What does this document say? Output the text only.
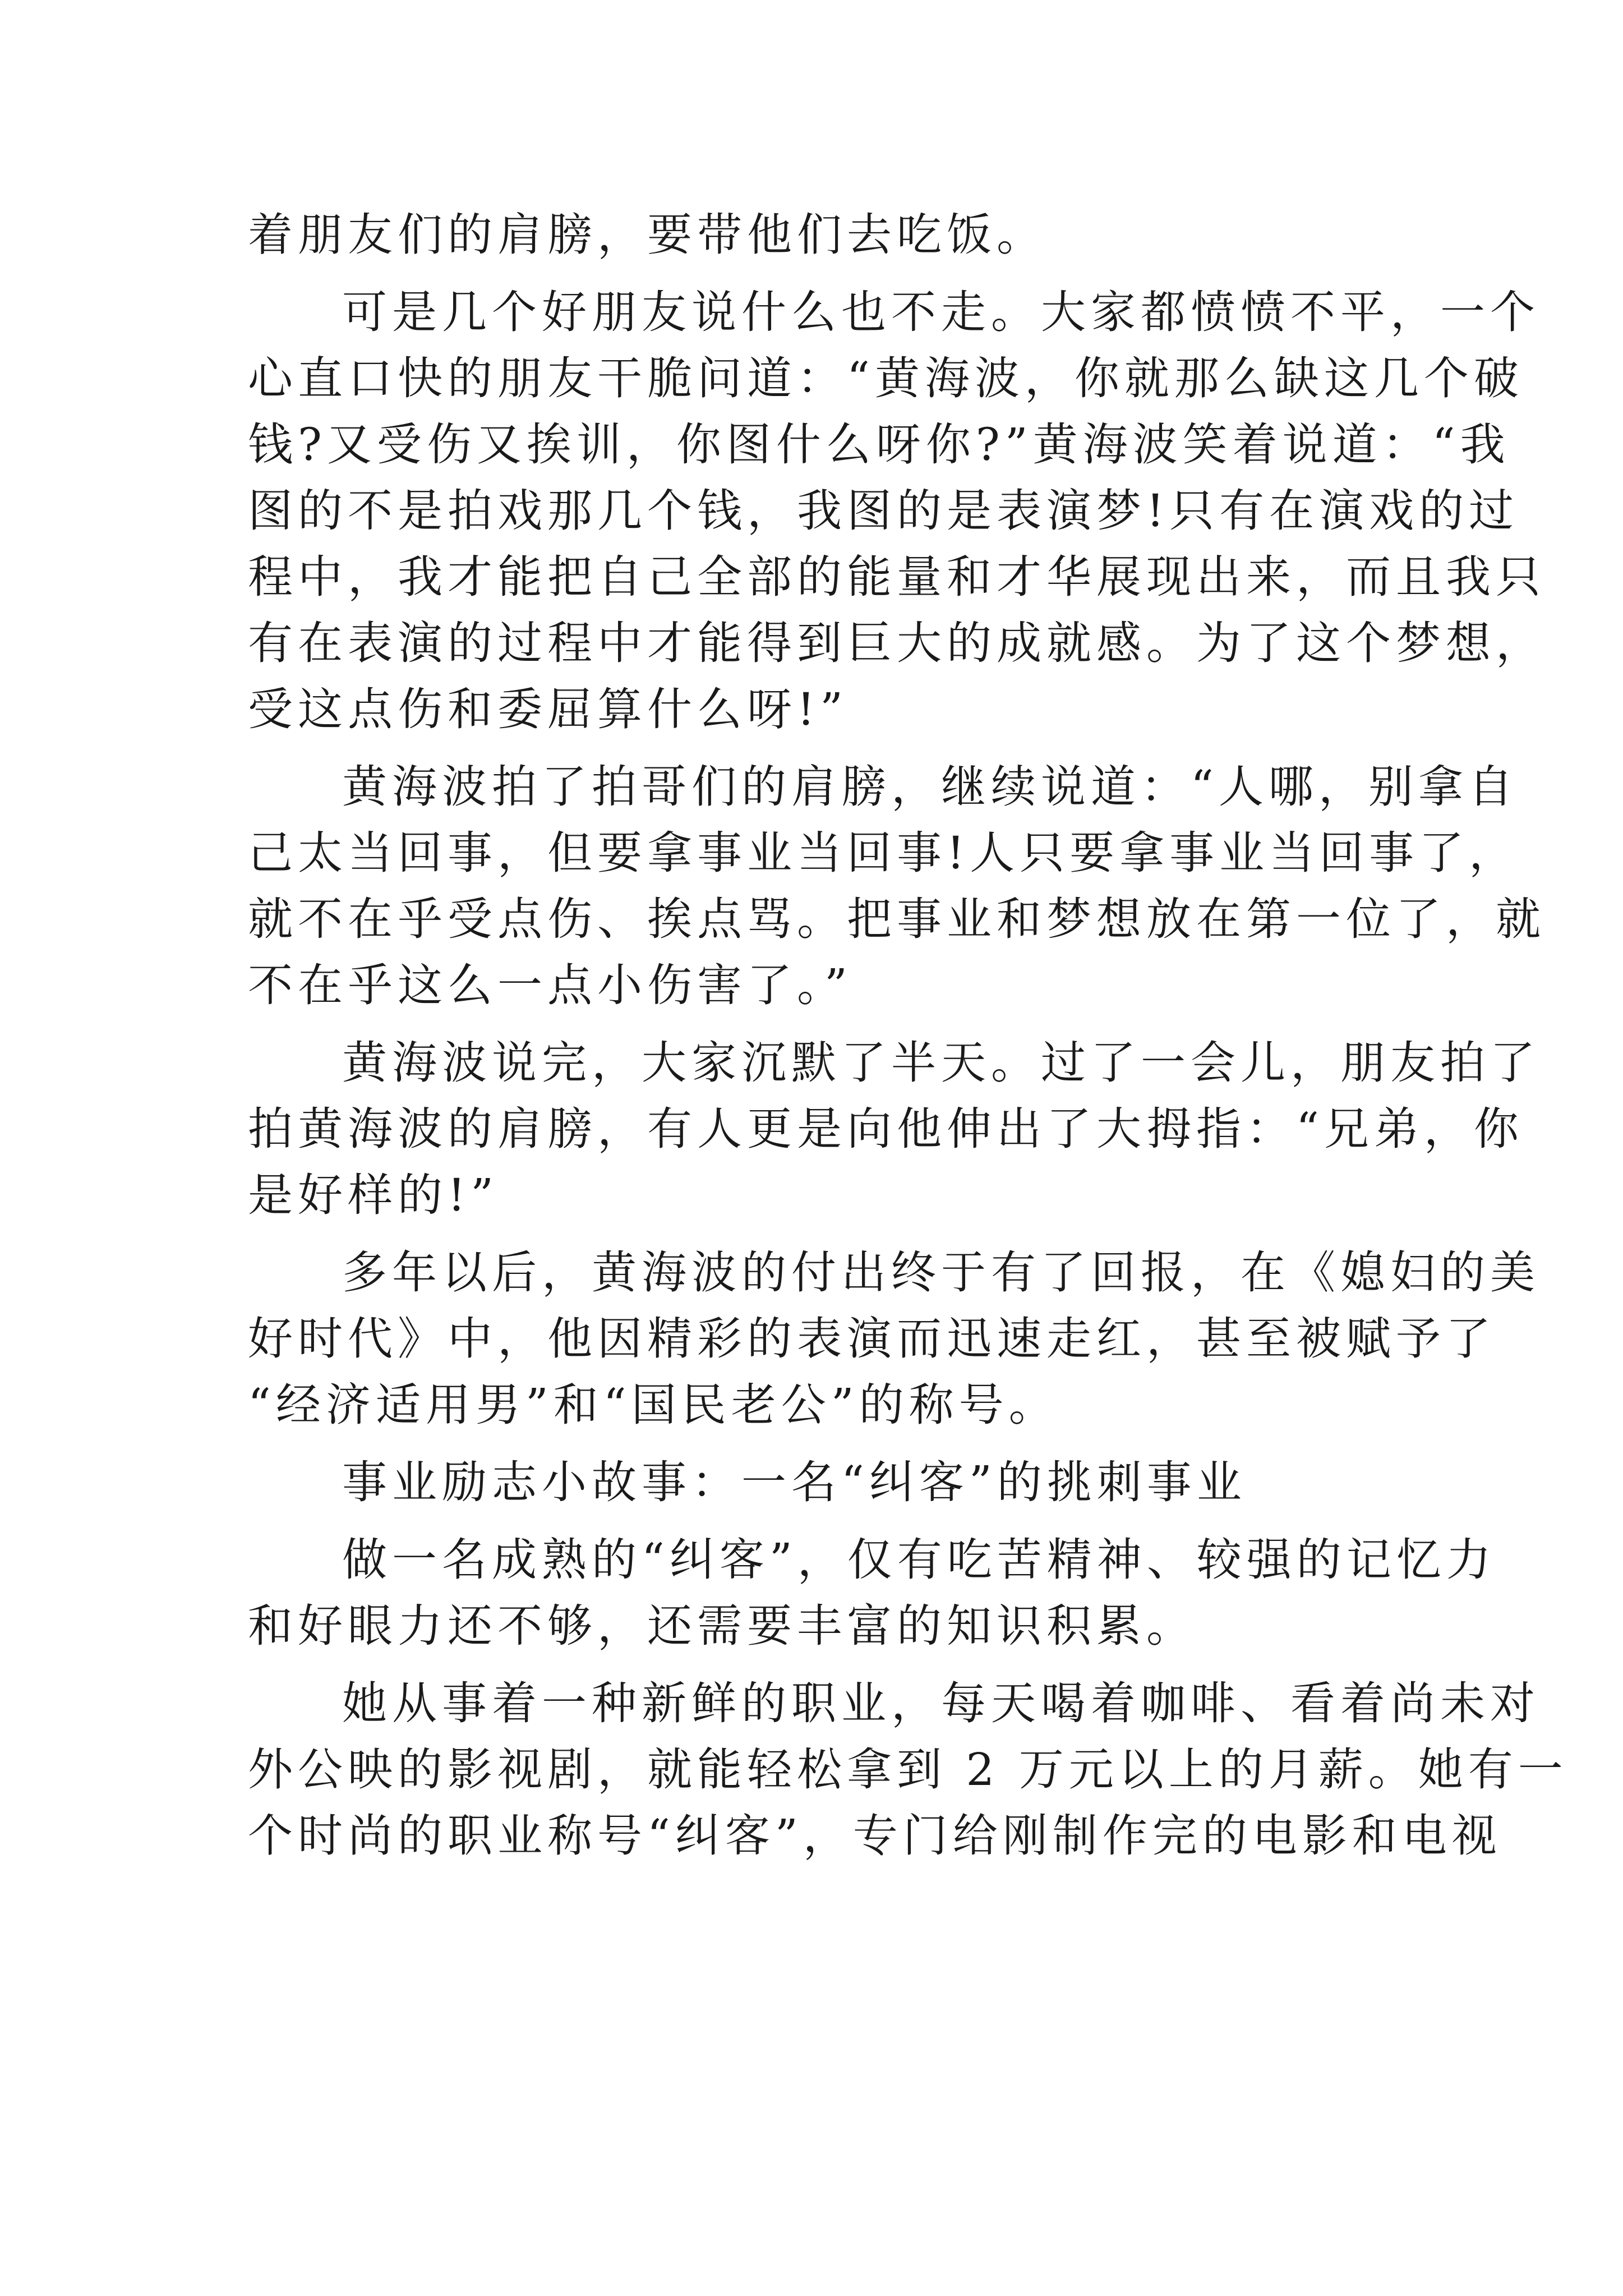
着朋友们的肩膀，要带他们去吃饭。
可是几个好朋友说什么也不走。大家都愤愤不平，一个
心直口快的朋友干脆问道：“黄海波，你就那么缺这几个破
钱?又受伤又挨训，你图什么呀你?”黄海波笑着说道：“我
图的不是拍戏那几个钱，我图的是表演梦!只有在演戏的过
程中，我才能把自己全部的能量和才华展现出来，而且我只
有在表演的过程中才能得到巨大的成就感。为了这个梦想，
受这点伤和委屈算什么呀!”
黄海波拍了拍哥们的肩膀，继续说道：“人哪，别拿自
己太当回事，但要拿事业当回事!人只要拿事业当回事了，
就不在乎受点伤、挨点骂。把事业和梦想放在第一位了，就
不在乎这么一点小伤害了。”
黄海波说完，大家沉默了半天。过了一会儿，朋友拍了
拍黄海波的肩膀，有人更是向他伸出了大拇指：“兄弟，你
是好样的!”
多年以后，黄海波的付出终于有了回报，在《媳妇的美
好时代》中，他因精彩的表演而迅速走红，甚至被赋予了
“经济适用男”和“国民老公”的称号。
事业励志小故事：一名“纠客”的挑刺事业
做一名成熟的“纠客”，仅有吃苦精神、较强的记忆力
和好眼力还不够，还需要丰富的知识积累。
她从事着一种新鲜的职业，每天喝着咖啡、看着尚未对
外公映的影视剧，就能轻松拿到 2 万元以上的月薪。她有一
个时尚的职业称号“纠客”，专门给刚制作完的电影和电视
